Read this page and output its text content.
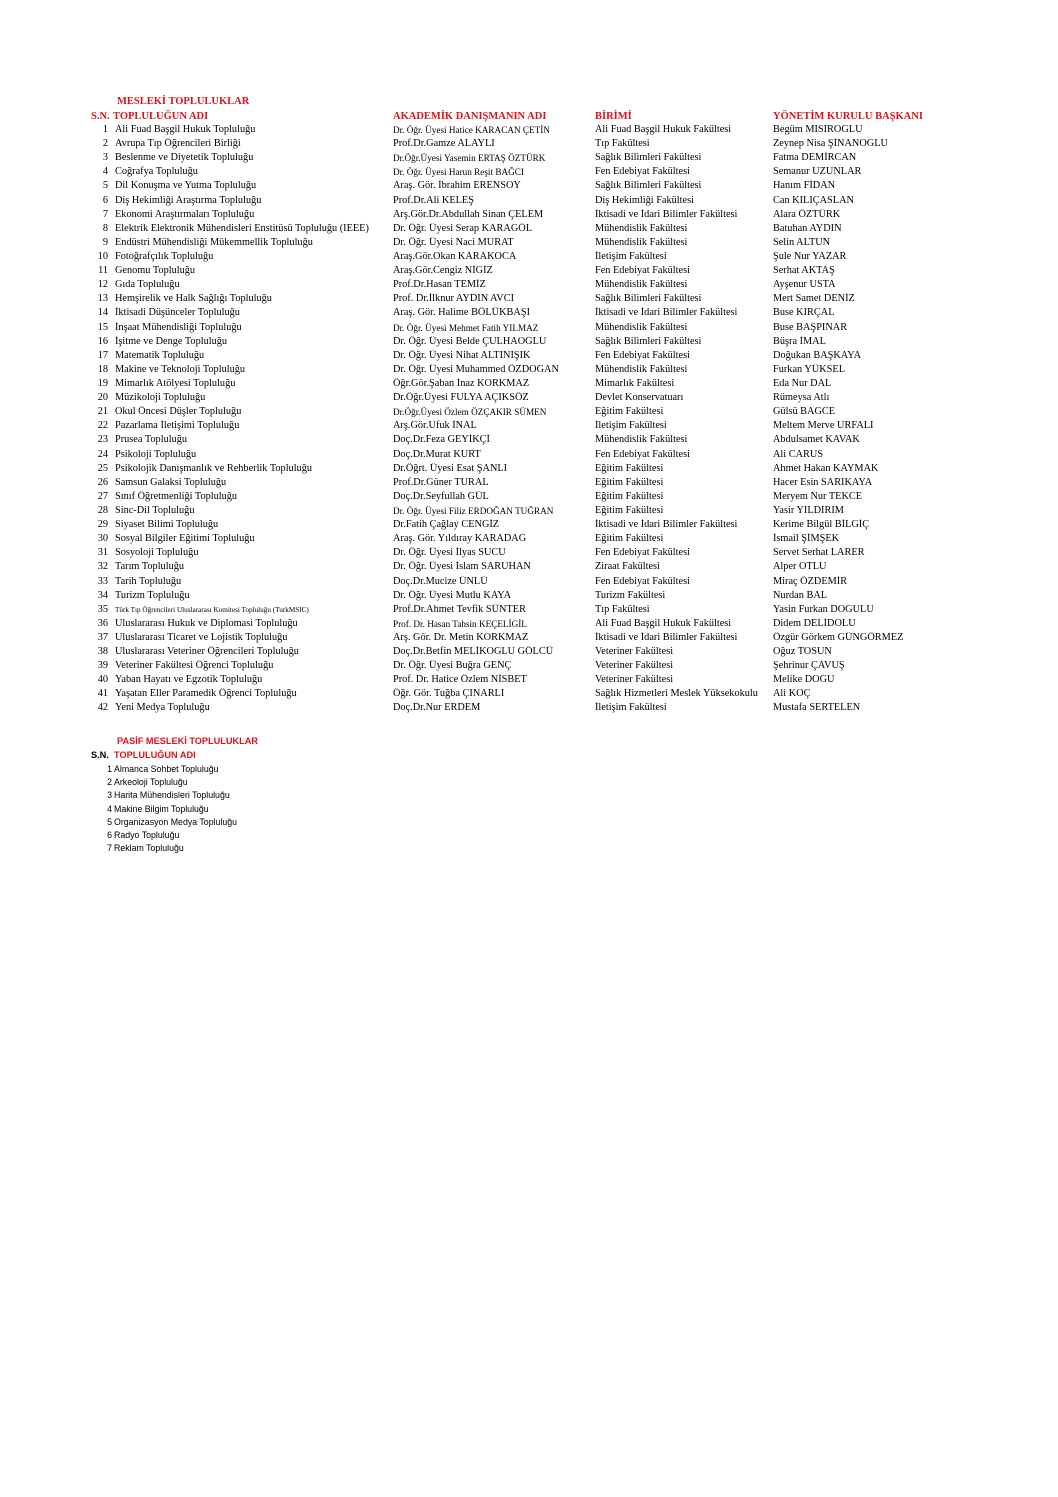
MESLEKİ TOPLULUKLAR
S.N. TOPLULUĞUN ADI	AKADEMİK DANIŞMANIN ADI	BİRİMİ	YÖNETİM KURULU BAŞKANI
1 Ali Fuad Başgil Hukuk Topluluğu	Dr. Öğr. Üyesi Hatice KARACAN ÇETİN	Ali Fuad Başgil Hukuk Fakültesi	Begüm MISIROĞLU
2 Avrupa Tıp Öğrencileri Birliği	Prof.Dr.Gamze ALAYLI	Tıp Fakültesi	Zeynep Nisa ŞİNANOĞLU
3 Beslenme ve Diyetetik Topluluğu	Dr.Öğr.Üyesi Yasemin ERTAŞ ÖZTÜRK	Sağlık Bilimleri Fakültesi	Fatma DEMİRCAN
4 Coğrafya Topluluğu	Dr. Öğr. Üyesi Harun Reşit BAĞCI	Fen Edebiyat Fakültesi	Semanur UZUNLAR
5 Dil Konuşma ve Yutma Topluluğu	Araş. Gör. İbrahim ERENSOY	Sağlık Bilimleri Fakültesi	Hanım FİDAN
6 Diş Hekimliği Araştırma Topluluğu	Prof.Dr.Ali KELEŞ	Diş Hekimliği Fakültesi	Can KILIÇASLAN
7 Ekonomi Araştırmaları Topluluğu	Arş.Gör.Dr.Abdullah Sinan ÇELEM	İktisadi ve İdari Bilimler Fakültesi	Alara ÖZTÜRK
8 Elektrik Elektronik Mühendisleri Enstitüsü Topluluğu (IEEE)	Dr. Öğr. Üyesi Serap KARAGÖL	Mühendislik Fakültesi	Batuhan AYDIN
9 Endüstri Mühendisliği Mükemmellik Topluluğu	Dr. Öğr. Üyesi Naci MURAT	Mühendislik Fakültesi	Selin ALTUN
10 Fotoğrafçılık Topluluğu	Araş.Gör.Okan KARAKOCA	İletişim Fakültesi	Şule Nur YAZAR
11 Genomu Topluluğu	Araş.Gör.Cengiz NİGİZ	Fen Edebiyat Fakültesi	Serhat AKTAŞ
12 Gıda Topluluğu	Prof.Dr.Hasan TEMİZ	Mühendislik Fakültesi	Ayşenur USTA
13 Hemşirelik ve Halk Sağlığı Topluluğu	Prof. Dr.İlknur AYDIN AVCI	Sağlık Bilimleri Fakültesi	Mert Samet DENİZ
14 İktisadi Düşünceler Topluluğu	Araş. Gör. Halime BÖLÜKBAŞI	İktisadi ve İdari Bilimler Fakültesi	Buse KIRÇAL
15 İnşaat Mühendisliği Topluluğu	Dr. Öğr. Üyesi Mehmet Fatih YILMAZ	Mühendislik Fakültesi	Buse BAŞPINAR
16 İşitme ve Denge Topluluğu	Dr. Öğr. Üyesi Belde ÇULHAOĞLU	Sağlık Bilimleri Fakültesi	Büşra İMAL
17 Matematik Topluluğu	Dr. Öğr. Üyesi Nihat ALTINIŞIK	Fen Edebiyat Fakültesi	Doğukan BAŞKAYA
18 Makine ve Teknoloji Topluluğu	Dr. Öğr. Üyesi Muhammed ÖZDOĞAN	Mühendislik Fakültesi	Furkan YÜKSEL
19 Mimarlık Atölyesi Topluluğu	Öğr.Gör.Şaban İnaz KORKMAZ	Mimarlık Fakültesi	Eda Nur DAL
20 Müzikoloji Topluluğu	Dr.Öğr.Üyesi FULYA AÇIKSÖZ	Devlet Konservatuarı	Rümeysa Atlı
21 Okul Öncesi Düşler Topluluğu	Dr.Öğr.Üyesi Özlem ÖZÇAKIR SÜMEN	Eğitim Fakültesi	Gülsü BAĞCE
22 Pazarlama İletişimi Topluluğu	Arş.Gör.Ufuk İNAL	İletişim Fakültesi	Meltem Merve URFALI
23 Prusea Topluluğu	Doç.Dr.Feza GEYİKÇİ	Mühendislik Fakültesi	Abdulsamet KAVAK
24 Psikoloji Topluluğu	Doç.Dr.Murat KURT	Fen Edebiyat Fakültesi	Ali CARUS
25 Psikolojik Danışmanlık ve Rehberlik Topluluğu	Dr.Öğrt. Üyesi Esat ŞANLI	Eğitim Fakültesi	Ahmet Hakan KAYMAK
26 Samsun Galaksi Topluluğu	Prof.Dr.Güner TURAL	Eğitim Fakültesi	Hacer Esin SARIKAYA
27 Sınıf Öğretmenliği Topluluğu	Doç.Dr.Seyfullah GÜL	Eğitim Fakültesi	Meryem Nur TEKCE
28 Sinc-Dil Topluluğu	Dr. Öğr. Üyesi Filiz ERDOĞAN TUĞRAN	Eğitim Fakültesi	Yasir YILDIRIM
29 Siyaset Bilimi Topluluğu	Dr.Fatih Çağlay CENGİZ	İktisadi ve İdari Bilimler Fakültesi	Kerime Bilgül BİLGİÇ
30 Sosyal Bilgiler Eğitimi Topluluğu	Araş. Gör. Yıldıray KARADAĞ	Eğitim Fakültesi	İsmail ŞİMŞEK
31 Sosyoloji Topluluğu	Dr. Öğr. Üyesi İlyas SUCU	Fen Edebiyat Fakültesi	Servet Serhat LARER
32 Tarım Topluluğu	Dr. Öğr. Üyesi İslam SARUHAN	Ziraat Fakültesi	Alper OTLU
33 Tarih Topluluğu	Doç.Dr.Mucize ÜNLÜ	Fen Edebiyat Fakültesi	Miraç ÖZDEMİR
34 Turizm Topluluğu	Dr. Öğr. Üyesi Mutlu KAYA	Turizm Fakültesi	Nurdan BAL
35 Türk Tıp Öğrencileri Uluslararası Komitesi Topluluğu (TurkMSIC)	Prof.Dr.Ahmet Tevfik SÜNTER	Tıp Fakültesi	Yasin Furkan DOĞULU
36 Uluslararası Hukuk ve Diplomasi Topluluğu	Prof. Dr. Hasan Tahsin KEÇELİGİL	Ali Fuad Başgil Hukuk Fakültesi	Didem DELİDOLU
37 Uluslararası Ticaret ve Lojistik Topluluğu	Arş. Gör. Dr. Metin KORKMAZ	İktisadi ve İdari Bilimler Fakültesi	Özgür Görkem GÜNGÖRMEZ
38 Uluslararası Veteriner Öğrencileri Topluluğu	Doç.Dr.Betfin MELİKOĞLU GÖLCÜ	Veteriner Fakültesi	Oğuz TOSUN
39 Veteriner Fakültesi Öğrenci Topluluğu	Dr. Öğr. Üyesi Buğra GENÇ	Veteriner Fakültesi	Şehrinur ÇAVUŞ
40 Yaban Hayatı ve Egzotik Topluluğu	Prof. Dr. Hatice Özlem NİSBET	Veteriner Fakültesi	Melike DOĞU
41 Yaşatan Eller Paramedik Öğrenci Topluluğu	Öğr. Gör. Tuğba ÇINARLI	Sağlık Hizmetleri Meslek Yüksekokulu	Ali KOÇ
42 Yeni Medya Topluluğu	Doç.Dr.Nur ERDEM	İletişim Fakültesi	Mustafa SERTELEN
PASİF MESLEKİ TOPLULUKLAR
S.N. TOPLULUĞUN ADI
1 Almanca Sohbet Topluluğu
2 Arkeoloji Topluluğu
3 Harita Mühendisleri Topluluğu
4 Makine Bilgim Topluluğu
5 Organizasyon Medya Topluluğu
6 Radyo Topluluğu
7 Reklam Topluluğu
